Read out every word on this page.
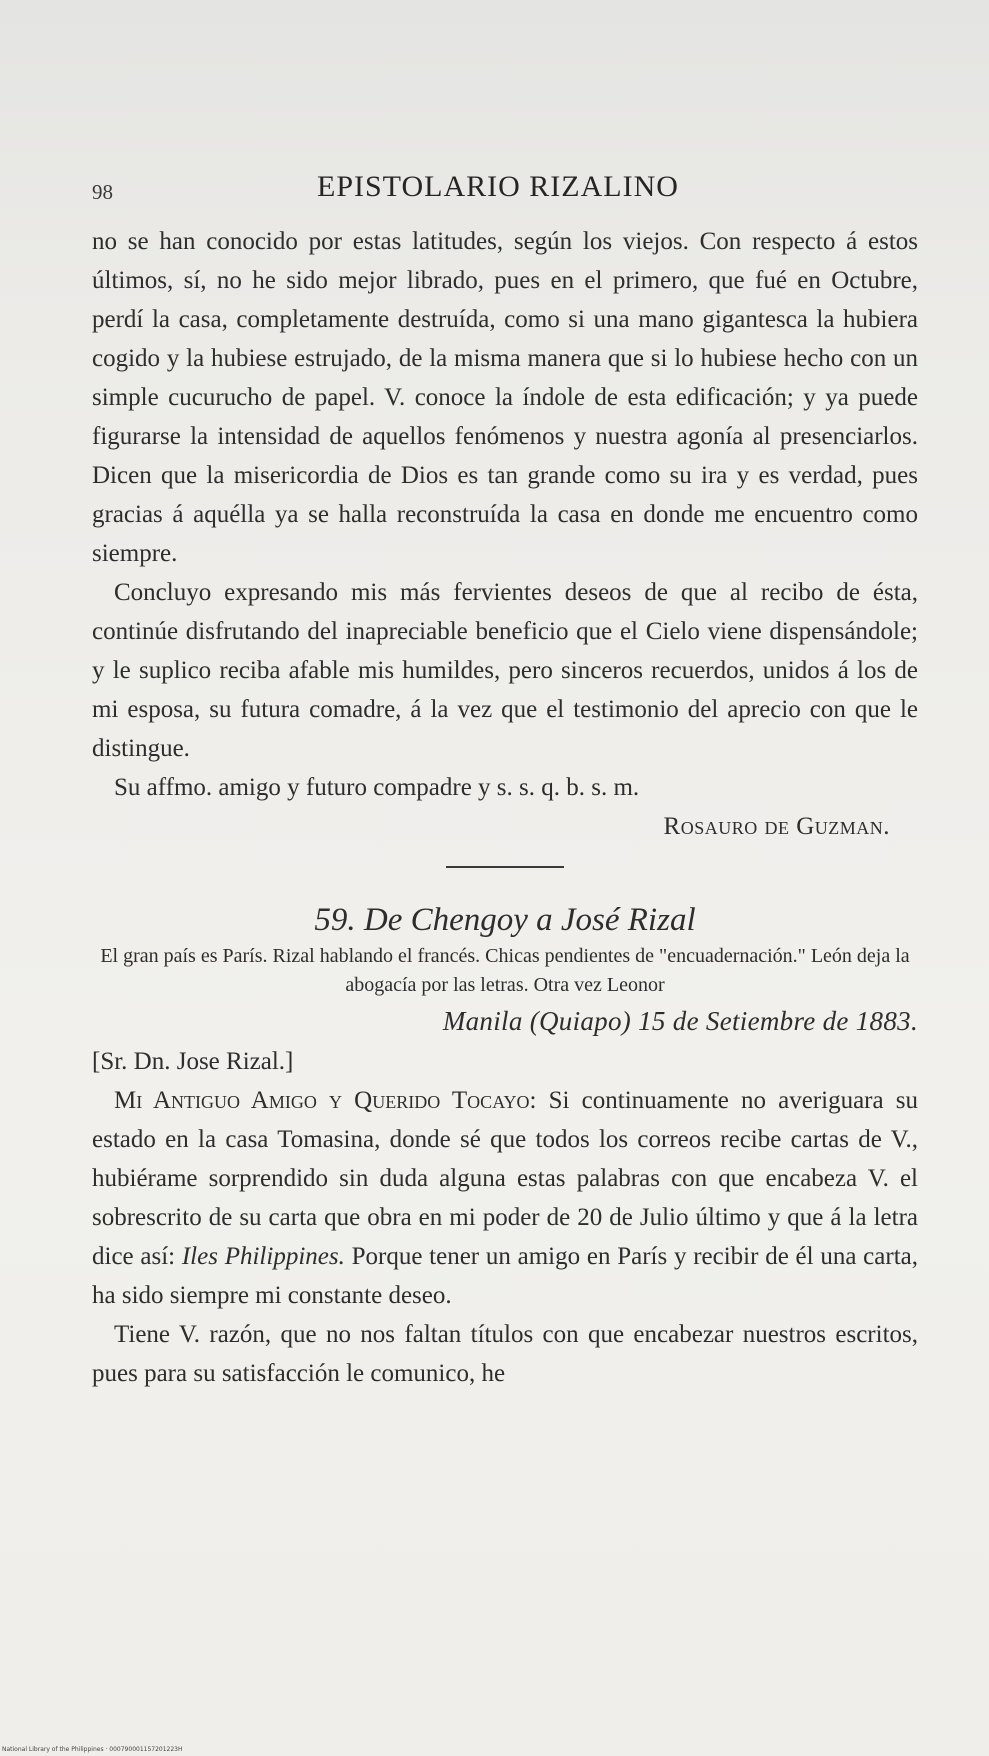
98	EPISTOLARIO RIZALINO

no se han conocido por estas latitudes, según los viejos. Con respecto á estos últimos, sí, no he sido mejor librado, pues en el primero, que fué en Octubre, perdí la casa, completamente destruída, como si una mano gigantesca la hubiera cogido y la hubiese estrujado, de la misma manera que si lo hubiese hecho con un simple cucurucho de papel. V. conoce la índole de esta edificación; y ya puede figurarse la intensidad de aquellos fenómenos y nuestra agonía al presenciarlos. Dicen que la misericordia de Dios es tan grande como su ira y es verdad, pues gracias á aquélla ya se halla reconstruída la casa en donde me encuentro como siempre.

Concluyo expresando mis más fervientes deseos de que al recibo de ésta, continúe disfrutando del inapreciable beneficio que el Cielo viene dispensándole; y le suplico reciba afable mis humildes, pero sinceros recuerdos, unidos á los de mi esposa, su futura comadre, á la vez que el testimonio del aprecio con que le distingue.

Su affmo. amigo y futuro compadre y s. s. q. b. s. m.

Rosauro de Guzman.

59. De Chengoy a José Rizal

El gran país es París. Rizal hablando el francés. Chicas pendientes de "encuadernación." León deja la abogacía por las letras. Otra vez Leonor

Manila (Quiapo) 15 de Setiembre de 1883.

[Sr. Dn. Jose Rizal.]

Mi Antiguo Amigo y Querido Tocayo: Si continuamente no averiguara su estado en la casa Tomasina, donde sé que todos los correos recibe cartas de V., hubiérame sorprendido sin duda alguna estas palabras con que encabeza V. el sobrescrito de su carta que obra en mi poder de 20 de Julio último y que á la letra dice así: Iles Philippines. Porque tener un amigo en París y recibir de él una carta, ha sido siempre mi constante deseo.

Tiene V. razón, que no nos faltan títulos con que encabezar nuestros escritos, pues para su satisfacción le comunico, he

National Library of the Philippines · 000790001157201223H
